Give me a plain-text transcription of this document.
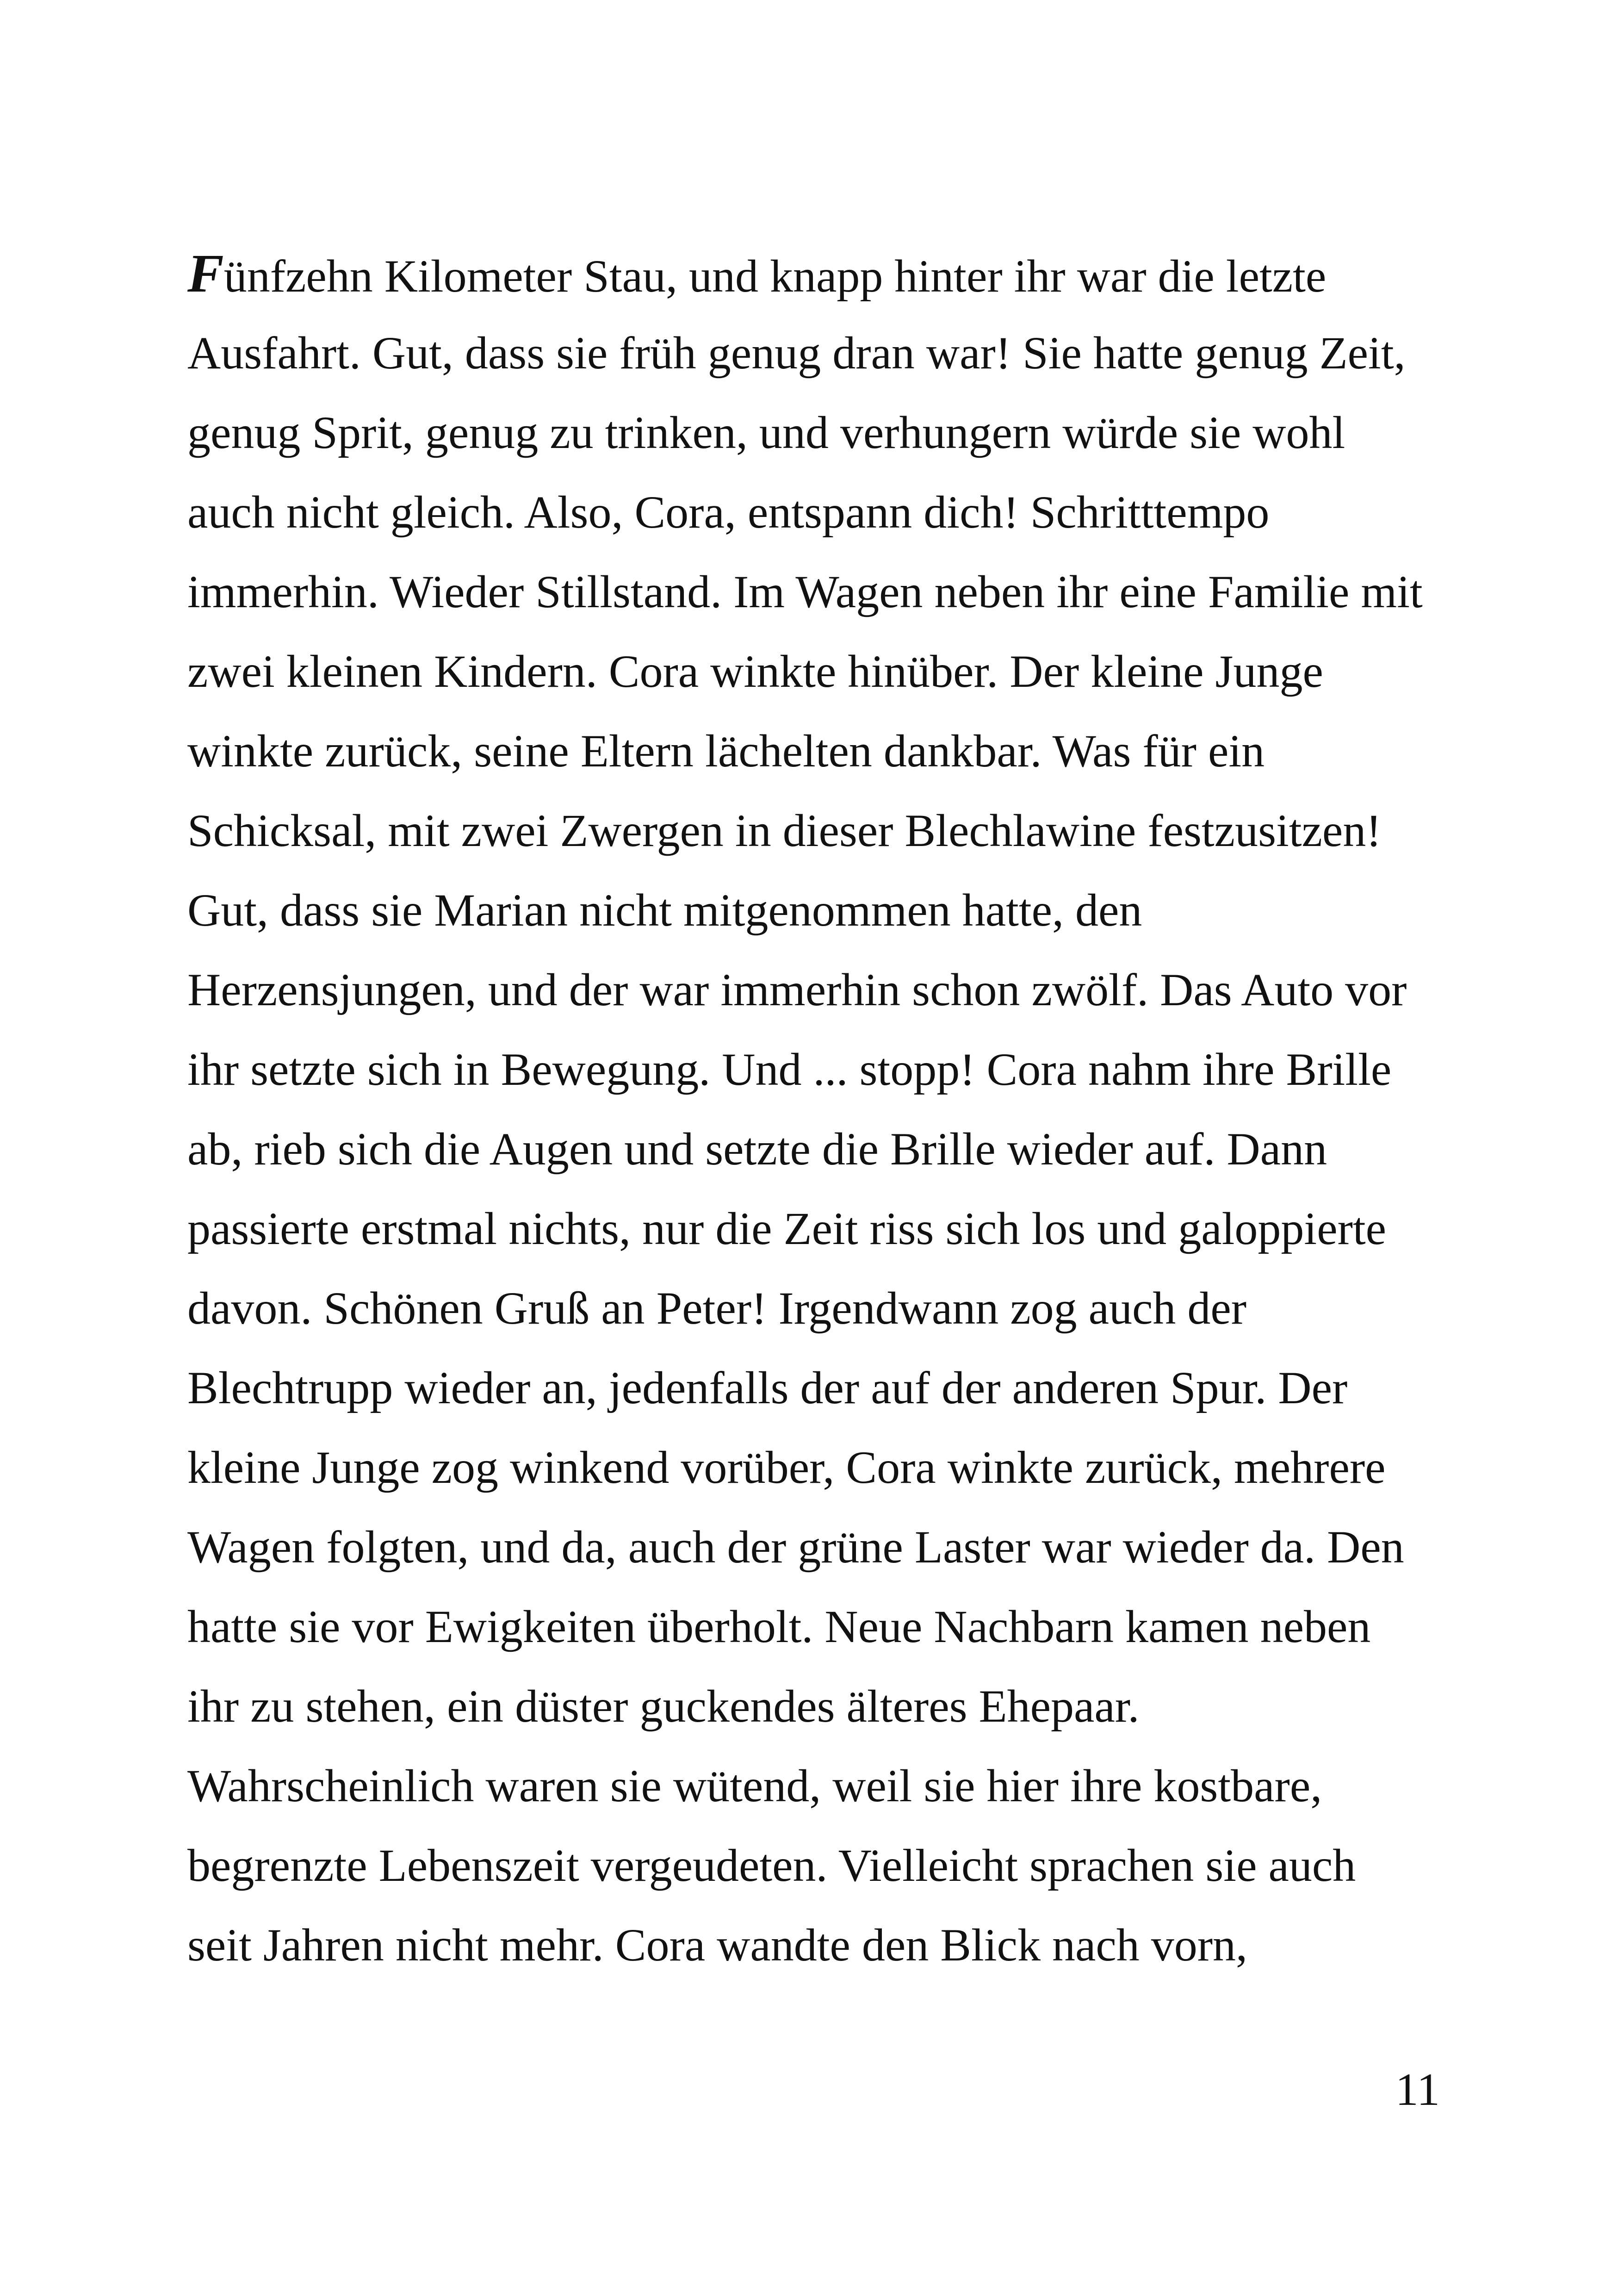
Fünfzehn Kilometer Stau, und knapp hinter ihr war die letzte
Ausfahrt. Gut, dass sie früh genug dran war! Sie hatte genug Zeit,
genug Sprit, genug zu trinken, und verhungern würde sie wohl
auch nicht gleich. Also, Cora, entspann dich! Schritttempo
immerhin. Wieder Stillstand. Im Wagen neben ihr eine Familie mit
zwei kleinen Kindern. Cora winkte hinüber. Der kleine Junge
winkte zurück, seine Eltern lächelten dankbar. Was für ein
Schicksal, mit zwei Zwergen in dieser Blechlawine festzusitzen!
Gut, dass sie Marian nicht mitgenommen hatte, den
Herzensjungen, und der war immerhin schon zwölf. Das Auto vor
ihr setzte sich in Bewegung. Und ... stopp! Cora nahm ihre Brille
ab, rieb sich die Augen und setzte die Brille wieder auf. Dann
passierte erstmal nichts, nur die Zeit riss sich los und galoppierte
davon. Schönen Gruß an Peter! Irgendwann zog auch der
Blechtrupp wieder an, jedenfalls der auf der anderen Spur. Der
kleine Junge zog winkend vorüber, Cora winkte zurück, mehrere
Wagen folgten, und da, auch der grüne Laster war wieder da. Den
hatte sie vor Ewigkeiten überholt. Neue Nachbarn kamen neben
ihr zu stehen, ein düster guckendes älteres Ehepaar.
Wahrscheinlich waren sie wütend, weil sie hier ihre kostbare,
begrenzte Lebenszeit vergeudeten. Vielleicht sprachen sie auch
seit Jahren nicht mehr. Cora wandte den Blick nach vorn,
11
